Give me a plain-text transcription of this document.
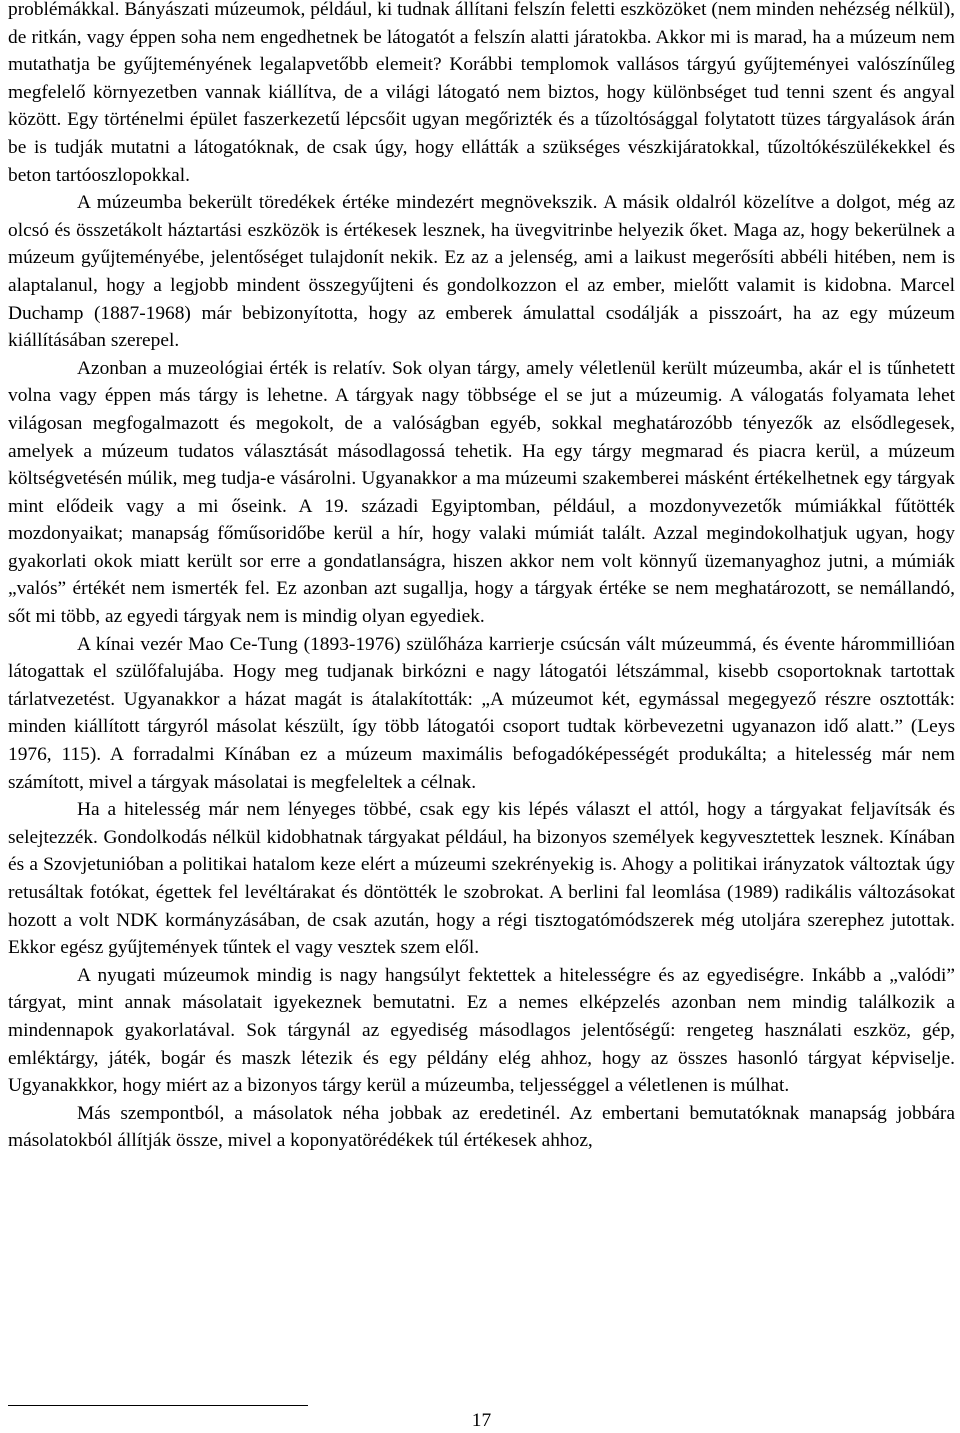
problémákkal. Bányászati múzeumok, például, ki tudnak állítani felszín feletti eszközöket (nem minden nehézség nélkül), de ritkán, vagy éppen soha nem engedhetnek be látogatót a felszín alatti járatokba. Akkor mi is marad, ha a múzeum nem mutathatja be gyűjteményének legalapvetőbb elemeit? Korábbi templomok vallásos tárgyú gyűjteményei valószínűleg megfelelő környezetben vannak kiállítva, de a világi látogató nem biztos, hogy különbséget tud tenni szent és angyal között. Egy történelmi épület faszerkezetű lépcsőit ugyan megőrizték és a tűzoltósággal folytatott tüzes tárgyalások árán be is tudják mutatni a látogatóknak, de csak úgy, hogy ellátták a szükséges vészkijáratokkal, tűzoltókészülékekkel és beton tartóoszlopokkal.

A múzeumba bekerült töredékek értéke mindezért megnövekszik. A másik oldalról közelítve a dolgot, még az olcsó és összetákolt háztartási eszközök is értékesek lesznek, ha üvegvitrinbe helyezik őket. Maga az, hogy bekerülnek a múzeum gyűjteményébe, jelentőséget tulajdonít nekik. Ez az a jelenség, ami a laikust megerősíti abbéli hitében, nem is alaptalanul, hogy a legjobb mindent összegyűjteni és gondolkozzon el az ember, mielőtt valamit is kidobna. Marcel Duchamp (1887-1968) már bebizonyította, hogy az emberek ámulattal csodálják a pisszoárt, ha az egy múzeum kiállításában szerepel.

Azonban a muzeológiai érték is relatív. Sok olyan tárgy, amely véletlenül került múzeumba, akár el is tűnhetett volna vagy éppen más tárgy is lehetne. A tárgyak nagy többsége el se jut a múzeumig. A válogatás folyamata lehet világosan megfogalmazott és megokolt, de a valóságban egyéb, sokkal meghatározóbb tényezők az elsődlegesek, amelyek a múzeum tudatos választását másodlagossá tehetik. Ha egy tárgy megmarad és piacra kerül, a múzeum költségvetésén múlik, meg tudja-e vásárolni. Ugyanakkor a ma múzeumi szakemberei másként értékelhetnek egy tárgyak mint elődeik vagy a mi őseink. A 19. századi Egyiptomban, például, a mozdonyvezetők múmiákkal fűtötték mozdonyaikat; manapság főműsoridőbe kerül a hír, hogy valaki múmiát talált. Azzal megindokolhatjuk ugyan, hogy gyakorlati okok miatt került sor erre a gondatlanságra, hiszen akkor nem volt könnyű üzemanyaghoz jutni, a múmiák „valós” értékét nem ismerték fel. Ez azonban azt sugallja, hogy a tárgyak értéke se nem meghatározott, se nemállandó, sőt mi több, az egyedi tárgyak nem is mindig olyan egyediek.

A kínai vezér Mao Ce-Tung (1893-1976) szülőháza karrierje csúcsán vált múzeummá, és évente hárommillióan látogattak el szülőfalujába. Hogy meg tudjanak birkózni e nagy látogatói létszámmal, kisebb csoportoknak tartottak tárlatvezetést. Ugyanakkor a házat magát is átalakították: „A múzeumot két, egymással megegyező részre osztották: minden kiállított tárgyról másolat készült, így több látogatói csoport tudtak körbevezetni ugyanazon idő alatt.” (Leys 1976, 115). A forradalmi Kínában ez a múzeum maximális befogadóképességét produkálta; a hitelesség már nem számított, mivel a tárgyak másolatai is megfeleltek a célnak.

Ha a hitelesség már nem lényeges többé, csak egy kis lépés választ el attól, hogy a tárgyakat feljavítsák és selejtezzék. Gondolkodás nélkül kidobhatnak tárgyakat például, ha bizonyos személyek kegyvesztettek lesznek. Kínában és a Szovjetunióban a politikai hatalom keze elért a múzeumi szekrényekig is. Ahogy a politikai irányzatok változtak úgy retusáltak fotókat, égettek fel levéltárakat és döntötték le szobrokat. A berlini fal leomlása (1989) radikális változásokat hozott a volt NDK kormányzásában, de csak azután, hogy a régi tisztogatómódszerek még utoljára szerephez jutottak. Ekkor egész gyűjtemények tűntek el vagy vesztek szem elől.

A nyugati múzeumok mindig is nagy hangsúlyt fektettek a hitelességre és az egyediségre. Inkább a „valódi” tárgyat, mint annak másolatait igyekeznek bemutatni. Ez a nemes elképzelés azonban nem mindig találkozik a mindennapok gyakorlatával. Sok tárgynál az egyediség másodlagos jelentőségű: rengeteg használati eszköz, gép, emléktárgy, játék, bogár és maszk létezik és egy példány elég ahhoz, hogy az összes hasonló tárgyat képviselje. Ugyanakkkor, hogy miért az a bizonyos tárgy kerül a múzeumba, teljességgel a véletlenen is múlhat.

Más szempontból, a másolatok néha jobbak az eredetinél. Az embertani bemutatóknak manapság jobbára másolatokból állítják össze, mivel a koponyatörédékek túl értékesek ahhoz,

17
